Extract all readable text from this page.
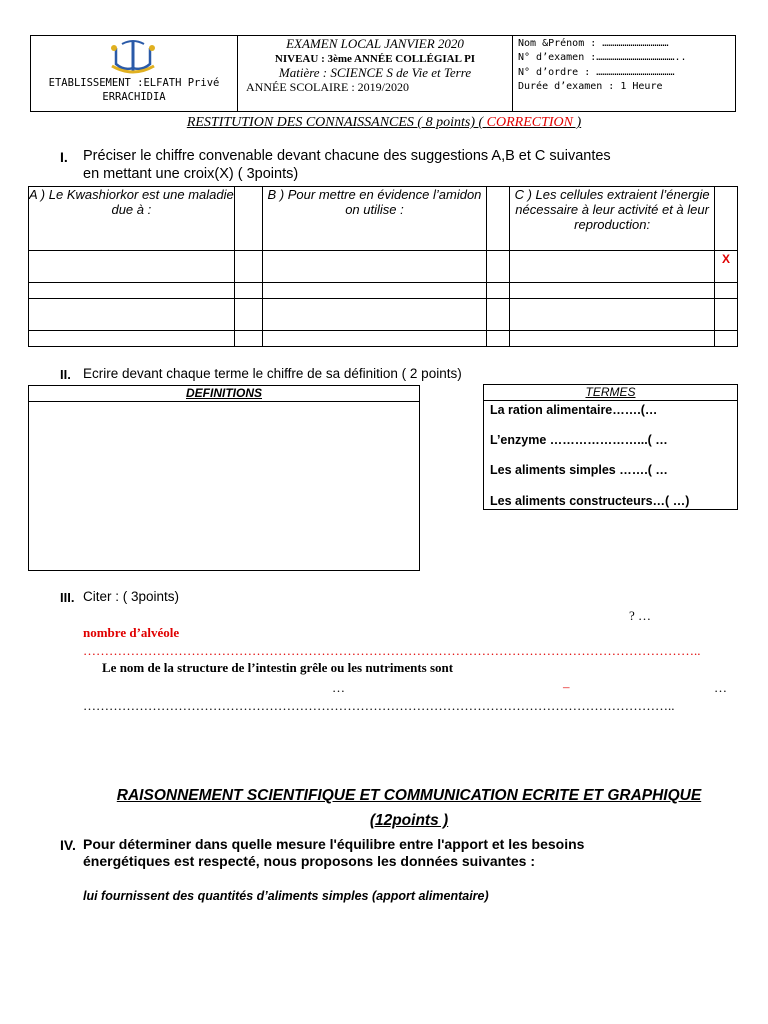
ETABLISSEMENT :ELFATH Privé ERRACHIDIA
EXAMEN LOCAL JANVIER 2020
NIVEAU : 3ème ANNÉE COLLÉGIAL PI
Matière : SCIENCE S de Vie et Terre
ANNÉE SCOLAIRE : 2019/2020
Nom &Prénom : ……………………………
N° d’examen :…………………………………..
N° d’ordre : …………………………………
Durée d’examen : 1 Heure
RESTITUTION DES CONNAISSANCES ( 8 points) ( CORRECTION )
I. Préciser le chiffre convenable devant chacune des suggestions A,B et C suivantes
en mettant une croix(X) ( 3points)
A ) Le Kwashiorkor est une maladie due à :		B ) Pour mettre en évidence l’amidon on utilise :		C ) Les cellules extraient l’énergie nécessaire à leur activité et à leur reproduction:	
					X

II. Ecrire devant chaque terme le chiffre de sa définition ( 2 points)
DEFINITIONS	TERMES
La ration alimentaire…….(…
L’enzyme …………………...( …
Les aliments simples …….( …
Les aliments constructeurs…( …)
III. Citer : ( 3points)
? …
nombre d’alvéole
……………………………………………………………………………………………………………………………..
Le nom de la structure de l’intestin grêle ou les nutriments sont
…	–	…
………………………………………………………………………………………………………………………..
RAISONNEMENT SCIENTIFIQUE ET COMMUNICATION ECRITE ET GRAPHIQUE
(12points )
IV. Pour déterminer dans quelle mesure l'équilibre entre l'apport et les besoins
énergétiques est respecté, nous proposons les données suivantes :
lui fournissent des quantités d’aliments simples (apport alimentaire)
